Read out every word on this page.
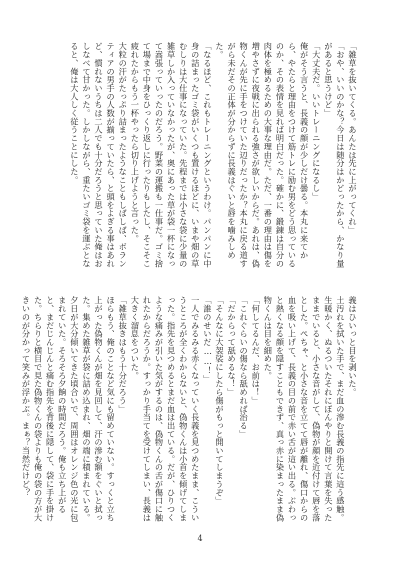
「雑草を抜いてくる。あんたは先に上がってくれ」
「おや、いいのかな？今日は随分はかどったから、かなり量があると思うけど」
「大丈夫だ。いいトレーニングになるし」
俺がそう言うと、長義の顔が少しだけ曇る。本丸に来てから、やたらと理由をつけて筋トレに励む男をどう思っているのか、その表情を見れば明白だった。確かに、鍛錬は自分の肉体を極めるための大事な理由だ。ただ、一番の理由は傷を増やさずに夜戦に出られる強さが欲しいからだ。あれは、偽物くんが先に手をつけていた辺りだったか？本丸に戻る道すがら未だその正体が分からずに長義はぐいと唇を噛みしめた。
「なるほど、これもトレーニングというわけ。パンパンに中身の詰まったゴミ袋がいくつも置けるほどに、いまや畑の草むしりは大仕事になっていた。先程までは小さな袋に少量の雑草しか入っていなかったが、奥にあった草が袋一杯になって嵩張っていったのだろう。野菜の運搬も一仕事だ。ゴミ捨て場まで中身をひっくり返しに行ったりもしたし、そこそこ疲れたからもう一杯やったら切り上げようと言った。
大粒の汗がたっぷり詰まったようなこともしばしば、ボランティアの男手の人数が揃っていたら、と頭をよぎる事はあれど、慣れないうちは二人でも十分だろうと思っていた俺はおしなべて甘かった。しかしながら、重たいゴミ袋を運ぶとなると、俺は大人しく従うことにした。
義はひいっと目を剥いた。
土汚れを拭いた手で、まだ血の滲む長義の指先に這う感触。生暖かく、ぬるついたそれにぼんやりと開けて言葉を失ったままでいると、小さな音がして、偽物が顔を近付けて唇を落とした。ぺちゃ、と小さな音を立てて唇が離れ、傷口からの血を吸い上げて、長義の目の前で赤い舌が這い出る。ぶわっと熱くなる顔を隠すこともできず、真っ赤に染まったまま偽物くんは目を細めた。
「何してるんだ、お前は！」
「これぐらいの傷なら舐めれば治る」
「だからって舐めるな！」
「そんなに大袈裟にしたら傷がもっと開いてしまうぞ」
「誰のせいだ……！」
一人でみるみる赤くなっていく長義を見つめたまま、こういうところが全くわからないと、偽物くんは小首を傾げてしまった。指先を見つめるとまだ血は出ている。だが、ひりつくような痛みが引いた気がするのは、偽物くんの舌が傷口に触れたからだろうか。すっかり手当てを受けてしまい、長義は大きく溜息をついた。
「雑草抜きはもう十分だろう」
ほらもう、俺のことなど気にも留めていない。すっくと立ち上がった偽物くんが畑を見回して、汗の滲む額をぐいと拭った。集めた雑草が袋に詰め込まれ、畑の端に積まれている。夕日が大分傾いてきた頃合いで、周囲はオレンジ色の光に包まれていた。そろそろ夕餉の時間だろう。俺も立ち上がると、まだじんじんと痛む指先を背後に隠して、袋に手を掛けた。ちらりと横目で見た偽物くんの袋よりも俺の袋の方が大きいのが分かって笑みが浮かぶ。まぁ？当然だけど？
4
